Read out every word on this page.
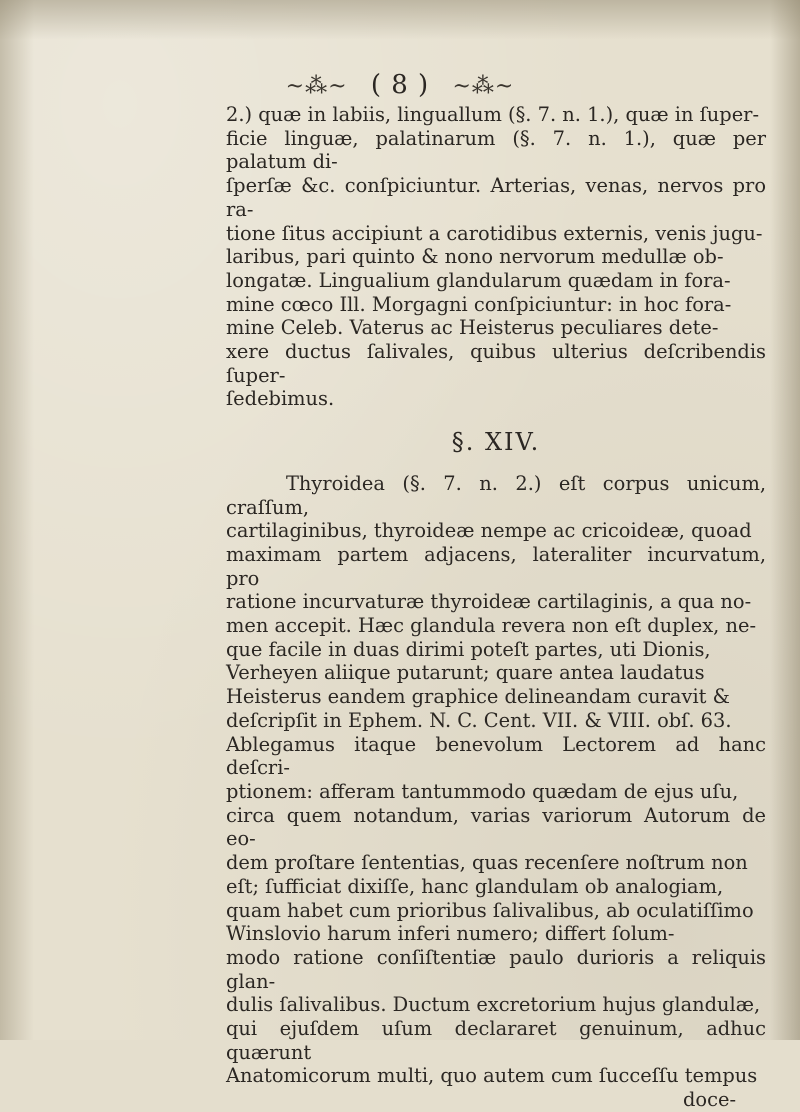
~⁂~ ( 8 ) ~⁂~

2.) quæ in labiis, linguallum (§. 7. n. 1.), quæ in ſuper-

ficie linguæ, palatinarum (§. 7. n. 1.), quæ per palatum di-

ſperſæ &c. conſpiciuntur. Arterias, venas, nervos pro ra-

tione ſitus accipiunt a carotidibus externis, venis jugu-

laribus, pari quinto & nono nervorum medullæ ob-

longatæ. Lingualium glandularum quædam in fora-

mine cœco Ill. Morgagni conſpiciuntur: in hoc fora-

mine Celeb. Vaterus ac Heisterus peculiares dete-

xere ductus ſalivales, quibus ulterius deſcribendis ſuper-

ſedebimus.

§. XIV.

Thyroidea (§. 7. n. 2.) eſt corpus unicum, craſſum,

cartilaginibus, thyroideæ nempe ac cricoideæ, quoad

maximam partem adjacens, lateraliter incurvatum, pro

ratione incurvaturæ thyroideæ cartilaginis, a qua no-

men accepit. Hæc glandula revera non eſt duplex, ne-

que facile in duas dirimi poteſt partes, uti Dionis,

Verheyen aliique putarunt; quare antea laudatus

Heisterus eandem graphice delineandam curavit &

deſcripſit in Ephem. N. C. Cent. VII. & VIII. obſ. 63.

Ablegamus itaque benevolum Lectorem ad hanc deſcri-

ptionem: afferam tantummodo quædam de ejus uſu,

circa quem notandum, varias variorum Autorum de eo-

dem proſtare ſententias, quas recenſere noſtrum non

eſt; ſufficiat dixiſſe, hanc glandulam ob analogiam,

quam habet cum prioribus ſalivalibus, ab oculatiſſimo

Winslovio harum inferi numero; differt ſolum-

modo ratione conſiſtentiæ paulo durioris a reliquis glan-

dulis ſalivalibus. Ductum excretorium hujus glandulæ,

qui ejuſdem uſum declararet genuinum, adhuc quærunt

Anatomicorum multi, quo autem cum ſucceſſu tempus

doce-
